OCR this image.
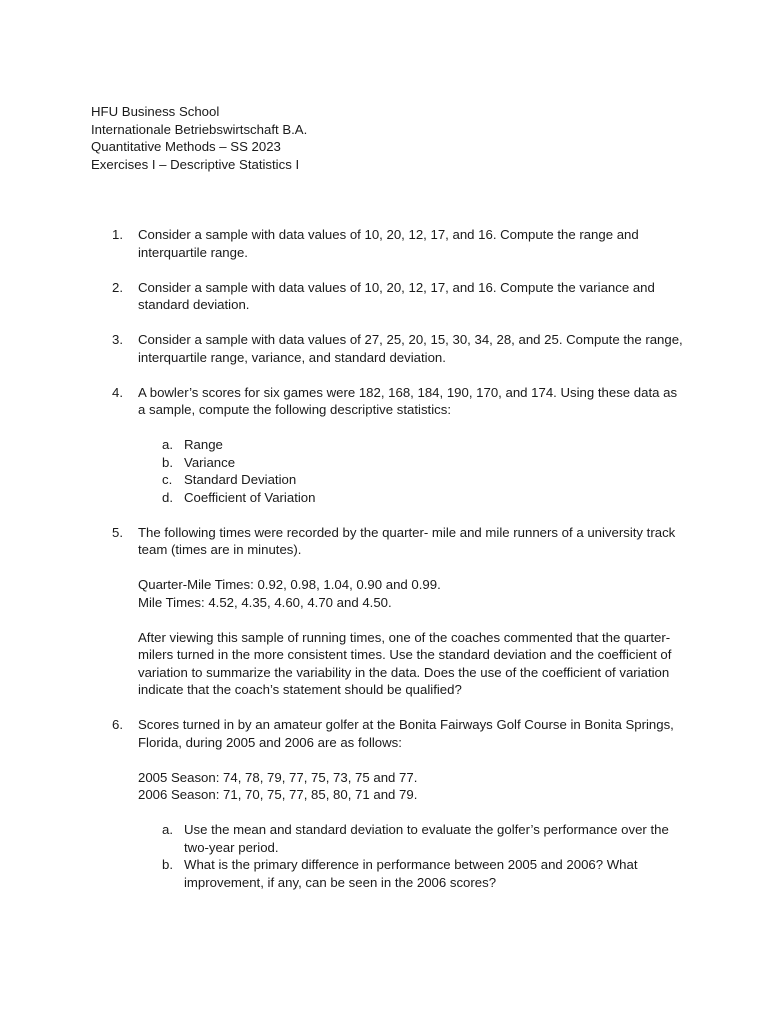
HFU Business School
Internationale Betriebswirtschaft B.A.
Quantitative Methods – SS 2023
Exercises I – Descriptive Statistics I
1. Consider a sample with data values of 10, 20, 12, 17, and 16. Compute the range and interquartile range.
2. Consider a sample with data values of 10, 20, 12, 17, and 16. Compute the variance and standard deviation.
3. Consider a sample with data values of 27, 25, 20, 15, 30, 34, 28, and 25. Compute the range, interquartile range, variance, and standard deviation.
4. A bowler’s scores for six games were 182, 168, 184, 190, 170, and 174. Using these data as a sample, compute the following descriptive statistics:
a. Range
b. Variance
c. Standard Deviation
d. Coefficient of Variation
5. The following times were recorded by the quarter- mile and mile runners of a university track team (times are in minutes).
Quarter-Mile Times: 0.92, 0.98, 1.04, 0.90 and 0.99.
Mile Times: 4.52, 4.35, 4.60, 4.70 and 4.50.
After viewing this sample of running times, one of the coaches commented that the quarter-milers turned in the more consistent times. Use the standard deviation and the coefficient of variation to summarize the variability in the data. Does the use of the coefficient of variation indicate that the coach’s statement should be qualified?
6. Scores turned in by an amateur golfer at the Bonita Fairways Golf Course in Bonita Springs, Florida, during 2005 and 2006 are as follows:
2005 Season: 74, 78, 79, 77, 75, 73, 75 and 77.
2006 Season: 71, 70, 75, 77, 85, 80, 71 and 79.
a. Use the mean and standard deviation to evaluate the golfer’s performance over the two-year period.
b. What is the primary difference in performance between 2005 and 2006? What improvement, if any, can be seen in the 2006 scores?
